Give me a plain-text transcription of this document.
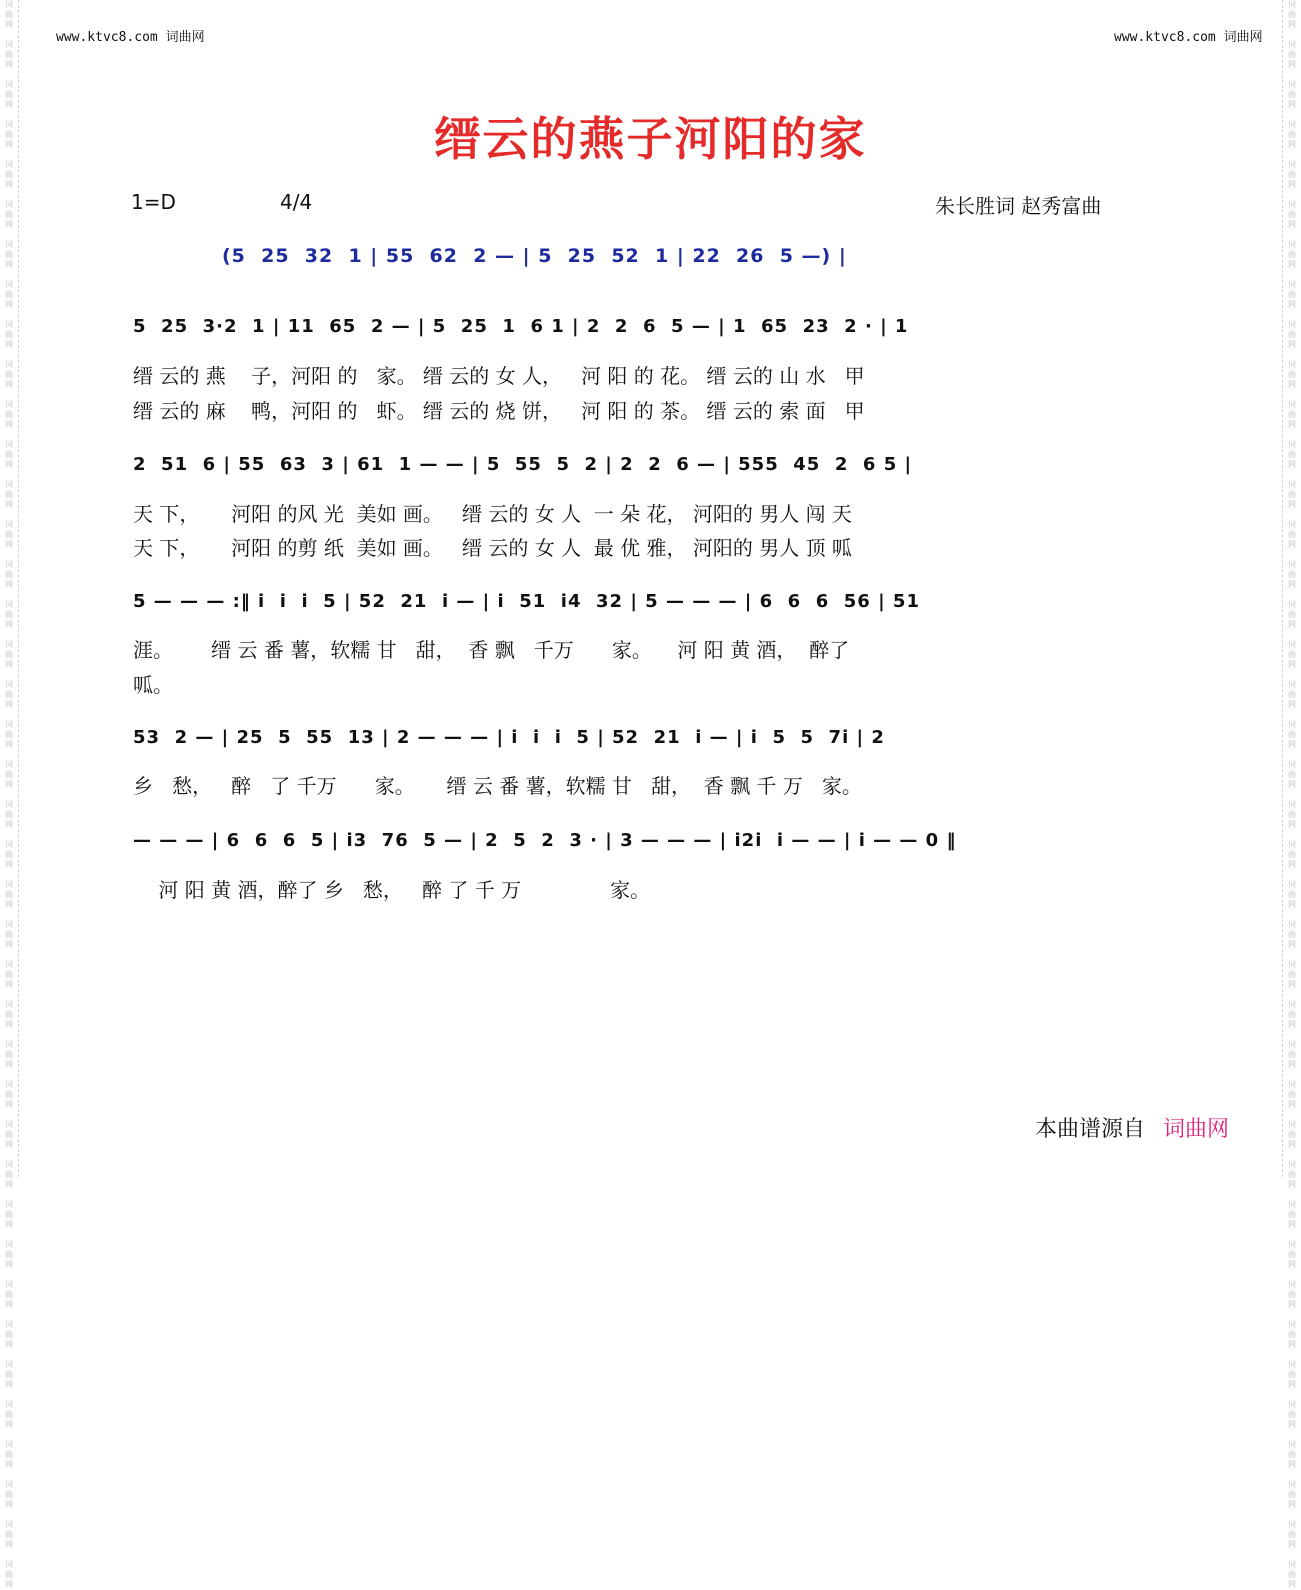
词
曲
网

词
曲
网

词
曲
网

词
曲
网

词
曲
网

词
曲
网

词
曲
网

词
曲
网

词
曲
网

词
曲
网

词
曲
网

词
曲
网

词
曲
网

词
曲
网

词
曲
网

词
曲
网

词
曲
网

词
曲
网

词
曲
网

词
曲
网

词
曲
网

词
曲
网

词
曲
网

词
曲
网

词
曲
网

词
曲
网

词
曲
网

词
曲
网

词
曲
网

词
曲
网

词
曲
网

词
曲
网

词
曲
网

词
曲
网

词
曲
网

词
曲
网

词
曲
网

词
曲
网

词
曲
网

词
曲
网

词
曲
网

词
曲
网

词
曲
网

词
曲
网

词
曲
网

词
曲
网

词
曲
网

词
曲
网

词
曲
网

词
曲
网

词
曲
网

词
曲
网

词
曲
网

词
曲
网

词
曲
网

词
曲
网

词
曲
网

词
曲
网

词
曲
网

词
曲
网

词
曲
网

词
曲
网

词
曲
网

词
曲
网

词
曲
网

词
曲
网

词
曲
网

词
曲
网

词
曲
网

词
曲
网

词
曲
网

词
曲
网

词
曲
网

词
曲
网

词
曲
网

词
曲
网

词
曲
网

词
曲
网

词
曲
网

词
曲
网

www.ktvc8.com 词曲网	www.ktvc8.com 词曲网
缙云的燕子河阳的家
1=D	4/4	朱长胜词 赵秀富曲
(5  25  32  1 | 55  62  2 — | 5  25  52  1 | 22  26  5 —) |
5  25  3·2  1 | 11  65  2 — | 5  25  1  6 1 | 2  2  6  5 — | 1  65  23  2 · | 1
缙 云的 燕    子，河阳 的   家。 缙 云的 女 人，   河 阳 的 花。 缙 云的 山 水   甲
缙 云的 麻    鸭，河阳 的   虾。 缙 云的 烧 饼，   河 阳 的 茶。 缙 云的 索 面   甲
2  51  6 | 55  63  3 | 61  1 — — | 5  55  5  2 | 2  2  6 — | 555  45  2  6 5 |
天 下，     河阳 的风 光  美如 画。   缙 云的 女 人  一 朵 花， 河阳的 男人 闯 天
天 下，     河阳 的剪 纸  美如 画。   缙 云的 女 人  最 优 雅， 河阳的 男人 顶 呱
5 — — — :‖ i  i  i  5 | 52  21  i — | i  51  i4  32 | 5 — — — | 6  6  6  56 | 51
涯。      缙 云 番 薯，软糯 甘   甜，  香 飘   千万      家。    河 阳 黄 酒，  醉了
呱。
53  2 — | 25  5  55  13 | 2 — — — | i  i  i  5 | 52  21  i — | i  5  5  7i | 2
乡   愁，   醉   了 千万      家。     缙 云 番 薯，软糯 甘   甜，  香 飘 千 万   家。
— — — | 6  6  6  5 | i3  76  5 — | 2  5  2  3 · | 3 — — — | i2i  i — — | i — — 0 ‖
河 阳 黄 酒，醉了 乡   愁，   醉 了 千 万              家。
本曲谱源自 词曲网
